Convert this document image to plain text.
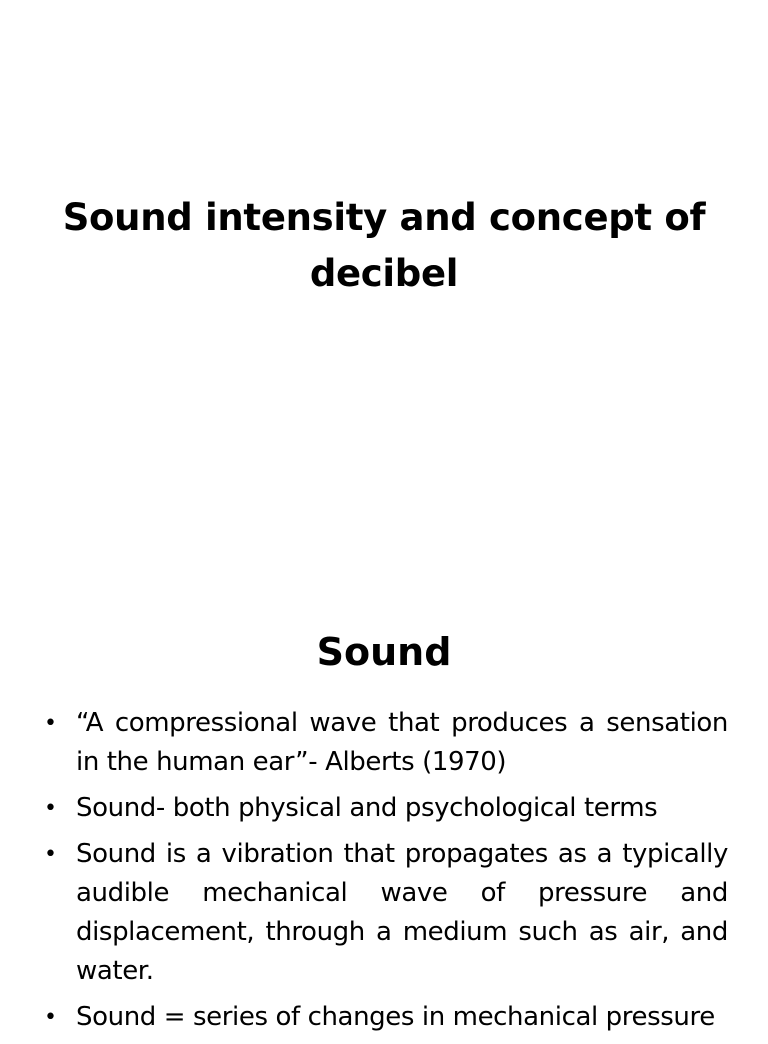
Sound intensity and concept of decibel
Sound
• “A compressional wave that produces a sensation in the human ear”- Alberts (1970)
• Sound- both physical and psychological terms
• Sound is a vibration that propagates as a typically audible mechanical wave of pressure and displacement, through a medium such as air, and water.
• Sound = series of changes in mechanical pressure
